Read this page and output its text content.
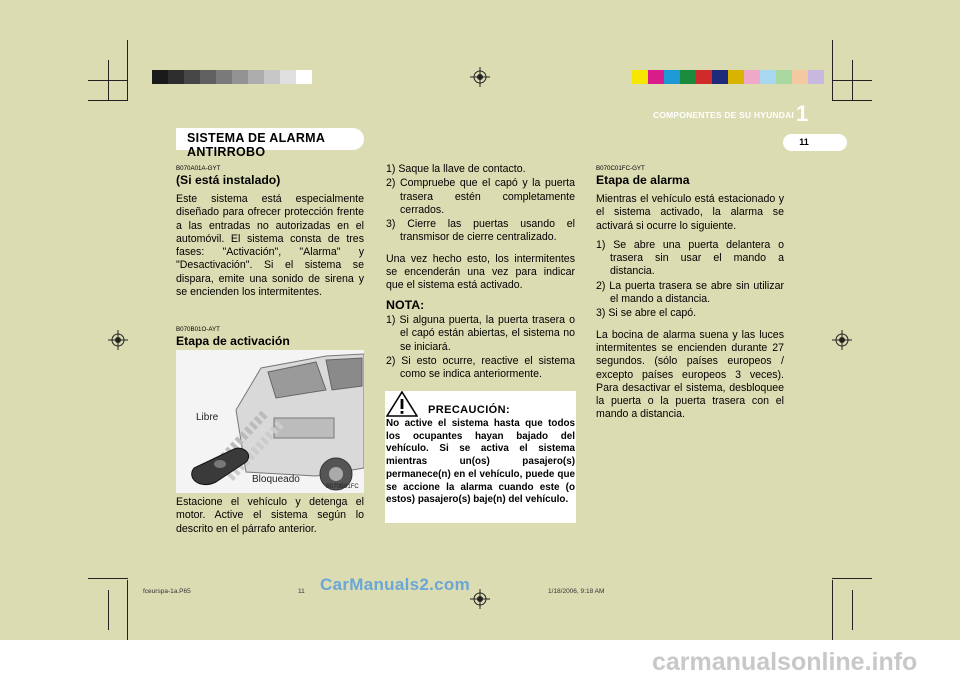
COMPONENTES DE SU HYUNDAI 1
11
SISTEMA DE ALARMA ANTIRROBO

B070A01A-GYT

(Si está instalado)

Este sistema está especialmente diseñado para ofrecer protección frente a las entradas no autorizadas en el automóvil. El sistema consta de tres fases: "Activación", "Alarma" y "Desactivación". Si el sistema se dispara, emite una sonido de sirena y se encienden los intermitentes.

B070B01O-AYT

Etapa de activación

Libre
Bloqueado
B070B01FC

Estacione el vehículo y detenga el motor. Active el sistema según lo descrito en el párrafo anterior.

1) Saque la llave de contacto.
2) Compruebe que el capó y la puerta trasera estén completamente cerrados.
3) Cierre las puertas usando el transmisor de cierre centralizado.

Una vez hecho esto, los intermitentes se encenderán una vez para indicar que el sistema está activado.

NOTA:

1) Si alguna puerta, la puerta trasera o el capó están abiertas, el sistema no se iniciará.
2) Si esto ocurre, reactive el sistema como se indica anteriormente.
PRECAUCIÓN:
No active el sistema hasta que todos los ocupantes hayan bajado del vehículo. Si se activa el sistema mientras un(os) pasajero(s) permanece(n) en el vehículo, puede que se accione la alarma cuando este (o estos) pasajero(s) baje(n) del vehículo.

B070C01FC-GYT

Etapa de alarma

Mientras el vehículo está estacionado y el sistema activado, la alarma se activará si ocurre lo siguiente.

1) Se abre una puerta delantera o trasera sin usar el mando a distancia.
2) La puerta trasera se abre sin utilizar el mando a distancia.
3) Si se abre el capó.

La bocina de alarma suena y las luces intermitentes se encienden durante 27 segundos. (sólo países europeos / excepto países europeos 3 veces). Para desactivar el sistema, desbloquee la puerta o la puerta trasera con el mando a distancia.

fceurspa-1a.P65	11	1/18/2006, 9:18 AM
CarManuals2.com
carmanualsonline.info
